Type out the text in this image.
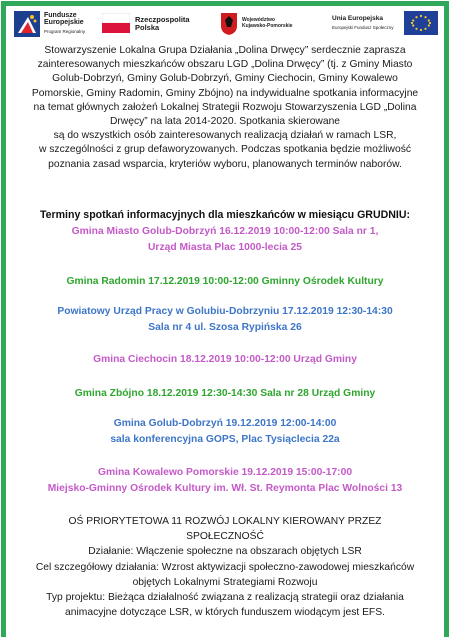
Fundusze
Europejskie
Program Regionalny
Rzeczpospolita
Polska
Województwo
Kujawsko-Pomorskie
Unia Europejska
Europejski Fundusz Społeczny
Stowarzyszenie Lokalna Grupa Działania „Dolina Drwęcy” serdecznie zaprasza
zainteresowanych mieszkańców obszaru LGD „Dolina Drwęcy” (tj. z Gminy Miasto
Golub-Dobrzyń, Gminy Golub-Dobrzyń, Gminy Ciechocin, Gminy Kowalewo
Pomorskie, Gminy Radomin, Gminy Zbójno) na indywidualne spotkania informacyjne
na temat głównych założeń Lokalnej Strategii Rozwoju Stowarzyszenia LGD „Dolina
Drwęcy” na lata 2014-2020. Spotkania skierowane
są do wszystkich osób zainteresowanych realizacją działań w ramach LSR,
w szczególności z grup defaworyzowanych. Podczas spotkania będzie możliwość
poznania zasad wsparcia, kryteriów wyboru, planowanych terminów naborów.
Terminy spotkań informacyjnych dla mieszkańców w miesiącu GRUDNIU:
Gmina Miasto Golub-Dobrzyń 16.12.2019 10:00-12:00 Sala nr 1,
Urząd Miasta Plac 1000-lecia 25
Gmina Radomin 17.12.2019 10:00-12:00 Gminny Ośrodek Kultury
Powiatowy Urząd Pracy w Golubiu-Dobrzyniu 17.12.2019 12:30-14:30
Sala nr 4 ul. Szosa Rypińska 26
Gmina Ciechocin 18.12.2019 10:00-12:00 Urząd Gminy
Gmina Zbójno 18.12.2019 12:30-14:30 Sala nr 28 Urząd Gminy
Gmina Golub-Dobrzyń 19.12.2019 12:00-14:00
sala konferencyjna GOPS, Plac Tysiąclecia 22a
Gmina Kowalewo Pomorskie 19.12.2019 15:00-17:00
Miejsko-Gminny Ośrodek Kultury im. Wł. St. Reymonta Plac Wolności 13
OŚ PRIORYTETOWA 11 ROZWÓJ LOKALNY KIEROWANY PRZEZ
SPOŁECZNOŚĆ
Działanie: Włączenie społeczne na obszarach objętych LSR
Cel szczegółowy działania: Wzrost aktywizacji społeczno-zawodowej mieszkańców
objętych Lokalnymi Strategiami Rozwoju
Typ projektu: Bieżąca działalność związana z realizacją strategii oraz działania
animacyjne dotyczące LSR, w których funduszem wiodącym jest EFS.
